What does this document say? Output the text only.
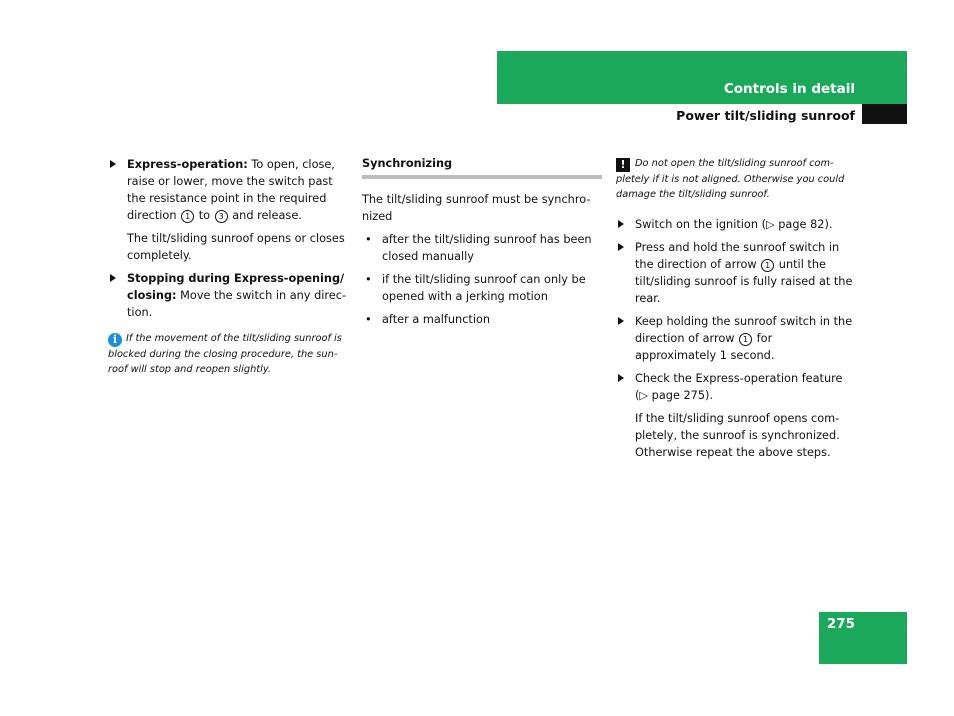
Controls in detail
Power tilt/sliding sunroof
Express-operation: To open, close, raise or lower, move the switch past the resistance point in the required direction 1 to 3 and release.
The tilt/sliding sunroof opens or closes completely.
Stopping during Express-opening/ closing: Move the switch in any direc-tion.
i If the movement of the tilt/sliding sunroof is blocked during the closing procedure, the sun-roof will stop and reopen slightly.
Synchronizing
The tilt/sliding sunroof must be synchro-nized
• after the tilt/sliding sunroof has been closed manually
• if the tilt/sliding sunroof can only be opened with a jerking motion
• after a malfunction
! Do not open the tilt/sliding sunroof com-pletely if it is not aligned. Otherwise you could damage the tilt/sliding sunroof.
Switch on the ignition (▷ page 82).
Press and hold the sunroof switch in the direction of arrow 1 until the tilt/sliding sunroof is fully raised at the rear.
Keep holding the sunroof switch in the direction of arrow 1 for approximately 1 second.
Check the Express-operation feature (▷ page 275).
If the tilt/sliding sunroof opens com-pletely, the sunroof is synchronized. Otherwise repeat the above steps.
275
